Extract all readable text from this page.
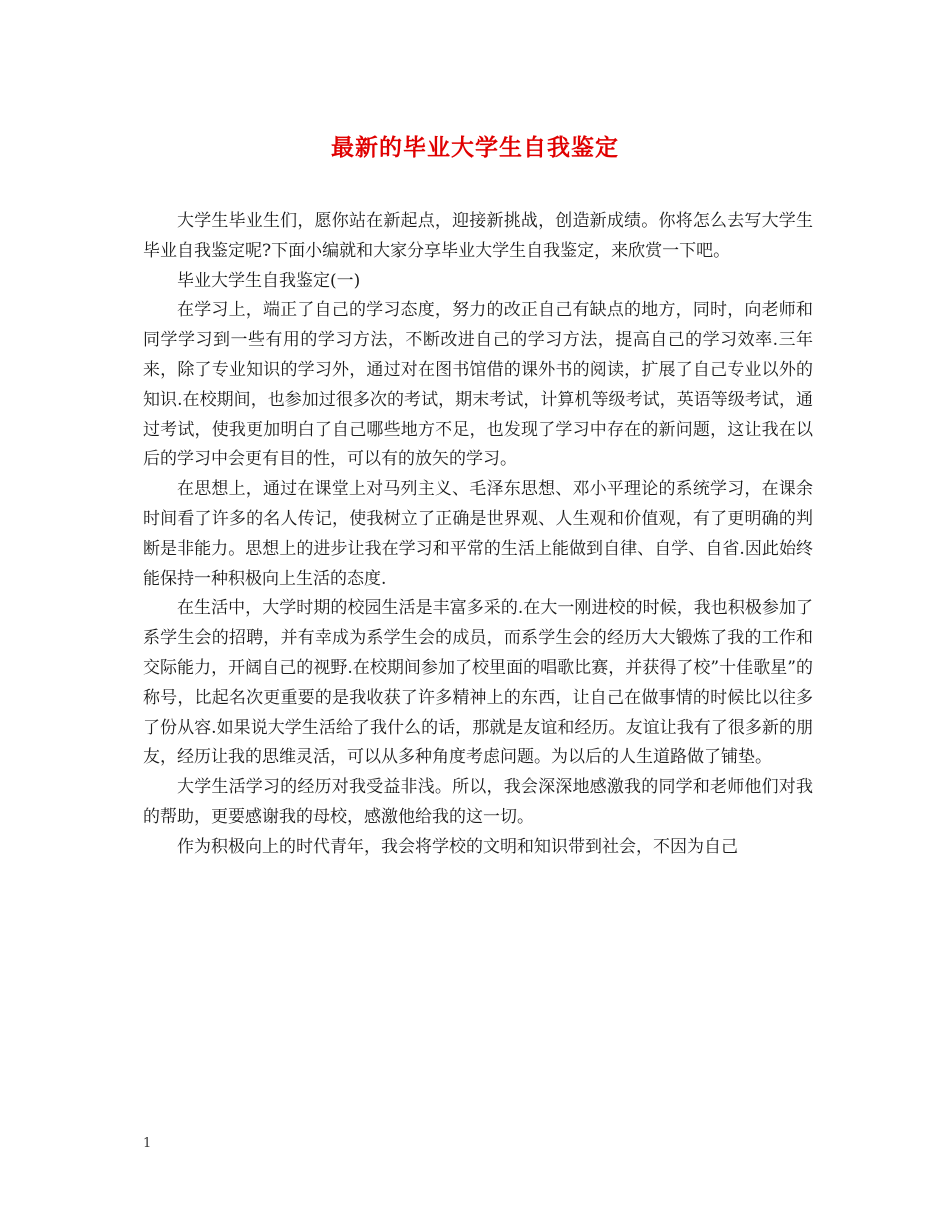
最新的毕业大学生自我鉴定

大学生毕业生们，愿你站在新起点，迎接新挑战，创造新成绩。你将怎么去写大学生毕业自我鉴定呢?下面小编就和大家分享毕业大学生自我鉴定，来欣赏一下吧。

毕业大学生自我鉴定(一)

在学习上，端正了自己的学习态度，努力的改正自己有缺点的地方，同时，向老师和同学学习到一些有用的学习方法，不断改进自己的学习方法，提高自己的学习效率.三年来，除了专业知识的学习外，通过对在图书馆借的课外书的阅读，扩展了自己专业以外的知识.在校期间，也参加过很多次的考试，期末考试，计算机等级考试，英语等级考试，通过考试，使我更加明白了自己哪些地方不足，也发现了学习中存在的新问题，这让我在以后的学习中会更有目的性，可以有的放矢的学习。

在思想上，通过在课堂上对马列主义、毛泽东思想、邓小平理论的系统学习，在课余时间看了许多的名人传记，使我树立了正确是世界观、人生观和价值观，有了更明确的判断是非能力。思想上的进步让我在学习和平常的生活上能做到自律、自学、自省.因此始终能保持一种积极向上生活的态度.

在生活中，大学时期的校园生活是丰富多采的.在大一刚进校的时候，我也积极参加了系学生会的招聘，并有幸成为系学生会的成员，而系学生会的经历大大锻炼了我的工作和交际能力，开阔自己的视野.在校期间参加了校里面的唱歌比赛，并获得了校”十佳歌星”的称号，比起名次更重要的是我收获了许多精神上的东西，让自己在做事情的时候比以往多了份从容.如果说大学生活给了我什么的话，那就是友谊和经历。友谊让我有了很多新的朋友，经历让我的思维灵活，可以从多种角度考虑问题。为以后的人生道路做了铺垫。

大学生活学习的经历对我受益非浅。所以，我会深深地感激我的同学和老师他们对我的帮助，更要感谢我的母校，感激他给我的这一切。

作为积极向上的时代青年，我会将学校的文明和知识带到社会，不因为自己

1
